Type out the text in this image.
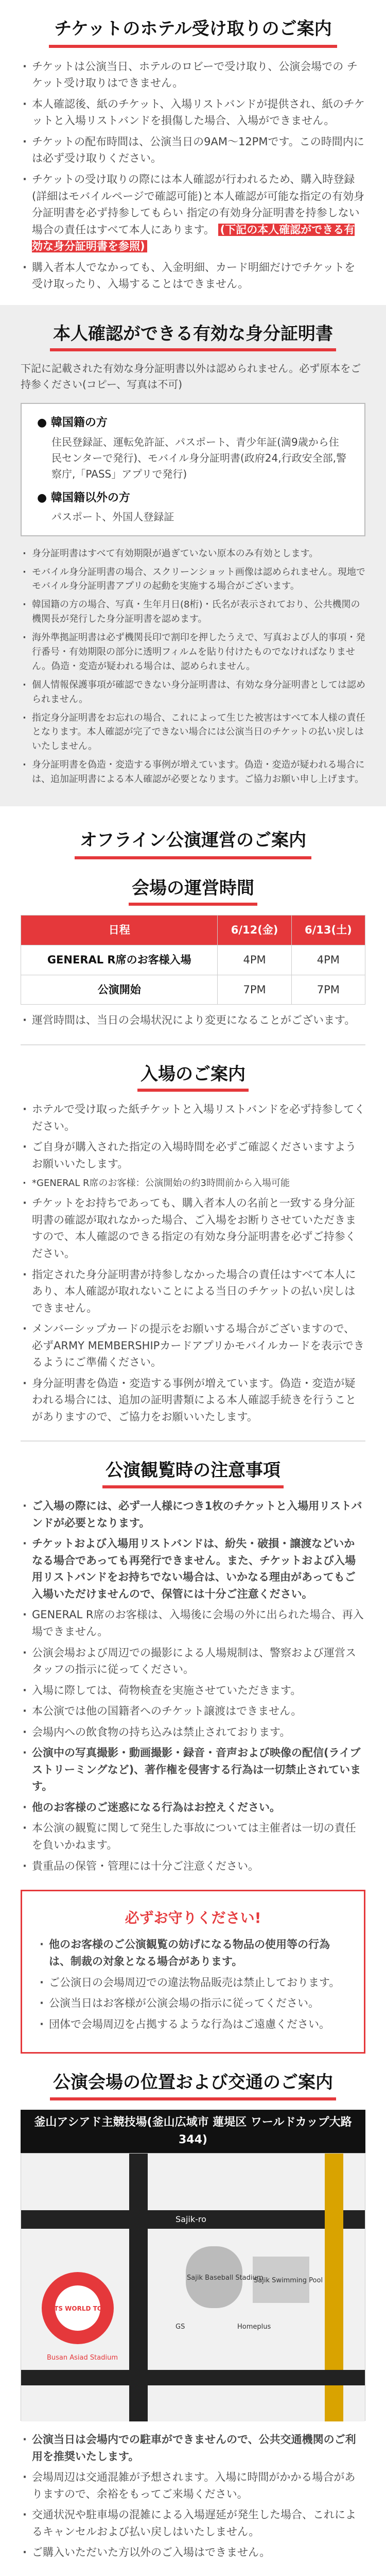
チケットのホテル受け取りのご案内
· チケットは公演当日、ホテルのロビーで受け取り、公演会場での チケット受け取りはできません。
· 本人確認後、紙のチケット、入場リストバンドが提供され、紙のチケットと入場リストバンドを損傷した場合、入場ができません。
· チケットの配布時間は、公演当日の9AM〜12PMです。この時間内には必ず受け取りください。
· チケットの受け取りの際には本人確認が行われるため、購入時登録(詳細はモバイルページで確認可能)と本人確認が可能な指定の有効身分証明書を必ず持参してもらい 指定の有効身分証明書を持参しない場合の責任はすべて本人にあります。 (下記の本人確認ができる有効な身分証明書を参照)
· 購入者本人でなかっても、入金明細、カード明細だけでチケットを受け取ったり、入場することはできません。
本人確認ができる有効な身分証明書

下記に記載された有効な身分証明書以外は認められません。必ず原本をご持参ください(コピー、写真は不可)

● 韓国籍の方

住民登録証、運転免許証、パスポート、青少年証(満9歳から住民センターで発行)、モバイル身分証明書(政府24,行政安全部,警察庁,「PASS」アプリで発行)

● 韓国籍以外の方

パスポート、外国人登録証

· 身分証明書はすべて有効期限が過ぎていない原本のみ有効とします。
· モバイル身分証明書の場合、スクリーンショット画像は認められません。現地でモバイル身分証明書アプリの起動を実施する場合がございます。
· 韓国籍の方の場合、写真・生年月日(8桁)・氏名が表示されており、公共機関の機関長が発行した身分証明書を認めます。
· 海外準拠証明書は必ず機関長印で割印を押したうえで、写真および人的事項・発行番号・有効期限の部分に透明フィルムを貼り付けたものでなければなりません。偽造・変造が疑われる場合は、認められません。
· 個人情報保護事項が確認できない身分証明書は、有効な身分証明書としては認められません。
· 指定身分証明書をお忘れの場合、これによって生じた被害はすべて本人様の責任となります。本人確認が完了できない場合には公演当日のチケットの払い戻しはいたしません。
· 身分証明書を偽造・変造する事例が増えています。偽造・変造が疑われる場合には、追加証明書による本人確認が必要となります。ご協力お願い申し上げます。
オフライン公演運営のご案内
会場の運営時間
日程	6/12(金)	6/13(土)
GENERAL R席のお客様入場	4PM	4PM
公演開始	7PM	7PM
· 運営時間は、当日の会場状況により変更になることがございます。
入場のご案内
· ホテルで受け取った紙チケットと入場リストバンドを必ず持参してください。
· ご自身が購入された指定の入場時間を必ずご確認くださいますようお願いいたします。
· *GENERAL R席のお客様：公演開始の約3時間前から入場可能
· チケットをお持ちであっても、購入者本人の名前と一致する身分証明書の確認が取れなかった場合、ご入場をお断りさせていただきますので、本人確認のできる指定の有効な身分証明書を必ずご持参ください。
· 指定された身分証明書が持参しなかった場合の責任はすべて本人にあり、本人確認が取れないことによる当日のチケットの払い戻しはできません。
· メンバーシップカードの提示をお願いする場合がございますので、必ずARMY MEMBERSHIPカードアプリかモバイルカードを表示できるようにご準備ください。
· 身分証明書を偽造・変造する事例が増えています。偽造・変造が疑われる場合には、追加の証明書類による本人確認手続きを行うことがありますので、ご協力をお願いいたします。
公演観覧時の注意事項
· ご入場の際には、必ず一人様につき1枚のチケットと入場用リストバンドが必要となります。
· チケットおよび入場用リストバンドは、紛失・破損・譲渡などいかなる場合であっても再発行できません。また、チケットおよび入場用リストバンドをお持ちでない場合は、いかなる理由があってもご入場いただけませんので、保管には十分ご注意ください。
· GENERAL R席のお客様は、入場後に会場の外に出られた場合、再入場できません。
· 公演会場および周辺での撮影による人場規制は、警察および運営スタッフの指示に従ってください。
· 入場に際しては、荷物検査を実施させていただきます。
· 本公演では他の国籍者へのチケット譲渡はできません。
· 会場内への飲食物の持ち込みは禁止されております。
· 公演中の写真撮影・動画撮影・録音・音声および映像の配信(ライブストリーミングなど)、著作権を侵害する行為は一切禁止されています。
· 他のお客様のご迷惑になる行為はお控えください。
· 本公演の観覧に関して発生した事故については主催者は一切の責任を負いかねます。
· 貴重品の保管・管理には十分ご注意ください。
必ずお守りください!
· 他のお客様のご公演観覧の妨げになる物品の使用等の行為は、制裁の対象となる場合があります。
· ご公演日の会場周辺での違法物品販売は禁止しております。
· 公演当日はお客様が公演会場の指示に従ってください。
· 団体で会場周辺を占拠するような行為はご遠慮ください。
公演会場の位置および交通のご案内
釜山アシアド主競技場(釜山広域市 蓮堤区 ワールドカップ大路344)
Sajik-ro
Sajik Baseball Stadium
Sajik Swimming Pool
Busan Asiad Stadium
Homeplus
GS
BTS WORLD TOUR
· 公演当日は会場内での駐車ができませんので、公共交通機関のご利用を推奨いたします。
· 会場周辺は交通混雑が予想されます。入場に時間がかかる場合がありますので、余裕をもってご来場ください。
· 交通状況や駐車場の混雑による入場遅延が発生した場合、これによるキャンセルおよび払い戻しはいたしません。
· ご購入いただいた方以外のご入場はできません。
